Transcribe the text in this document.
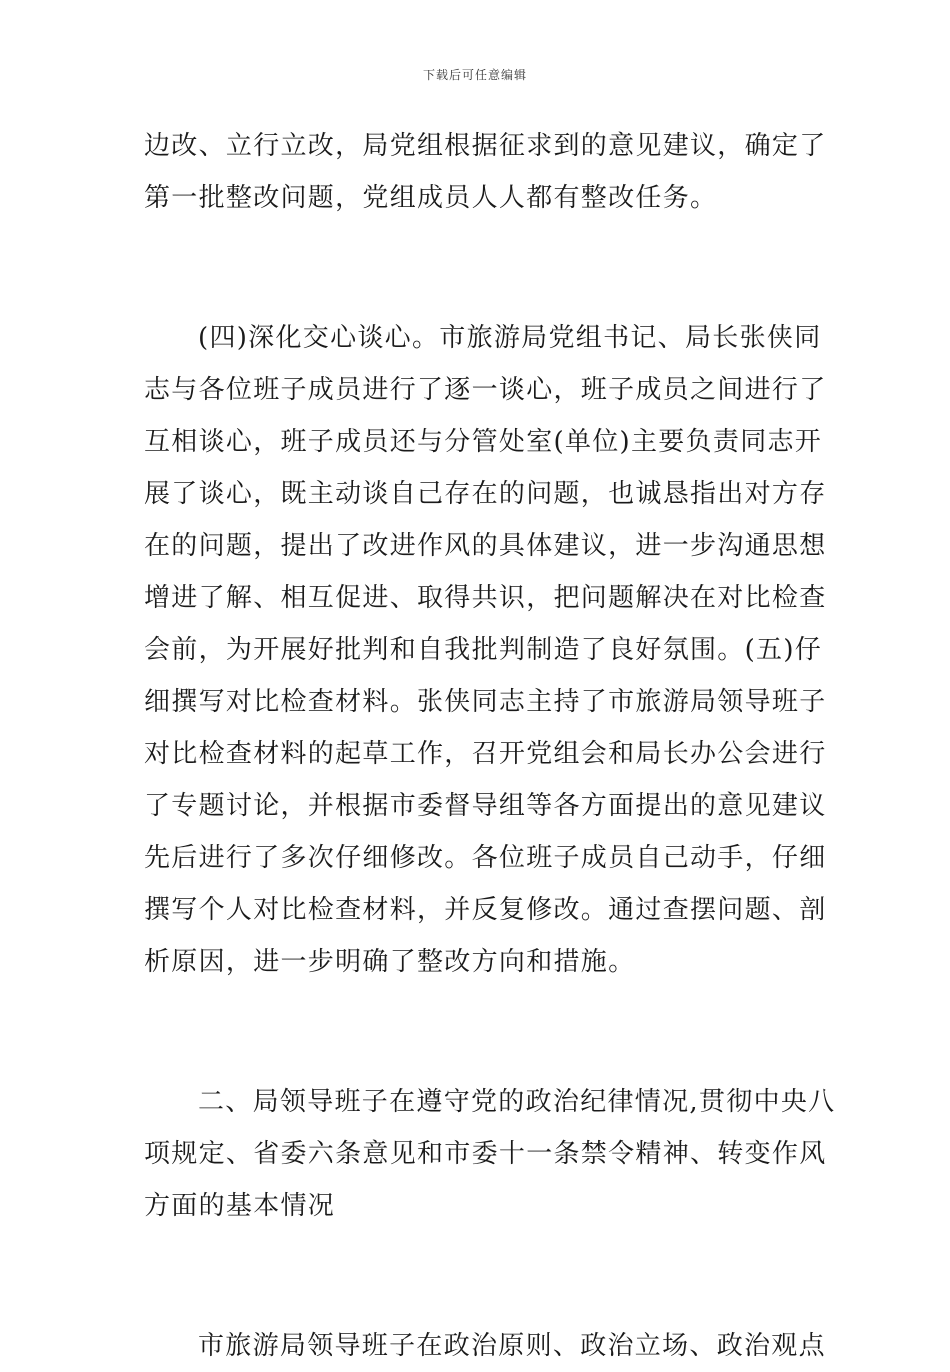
下载后可任意编辑

边改、立行立改，局党组根据征求到的意见建议，确定了
第一批整改问题，党组成员人人都有整改任务。

(四)深化交心谈心。市旅游局党组书记、局长张侠同
志与各位班子成员进行了逐一谈心，班子成员之间进行了
互相谈心，班子成员还与分管处室(单位)主要负责同志开
展了谈心，既主动谈自己存在的问题，也诚恳指出对方存
在的问题，提出了改进作风的具体建议，进一步沟通思想
增进了解、相互促进、取得共识，把问题解决在对比检查
会前，为开展好批判和自我批判制造了良好氛围。(五)仔
细撰写对比检查材料。张侠同志主持了市旅游局领导班子
对比检查材料的起草工作，召开党组会和局长办公会进行
了专题讨论，并根据市委督导组等各方面提出的意见建议
先后进行了多次仔细修改。各位班子成员自己动手，仔细
撰写个人对比检查材料，并反复修改。通过查摆问题、剖
析原因，进一步明确了整改方向和措施。

二、局领导班子在遵守党的政治纪律情况,贯彻中央八
项规定、省委六条意见和市委十一条禁令精神、转变作风
方面的基本情况

市旅游局领导班子在政治原则、政治立场、政治观点
